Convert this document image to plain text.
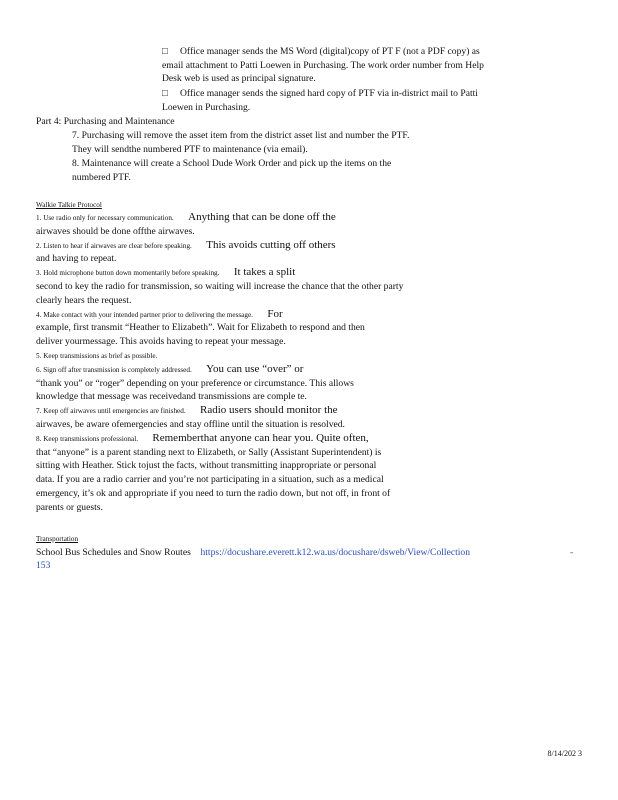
□ Office manager sends the MS Word (digital)copy of PT F (not a PDF copy) as
email attachment to Patti Loewen in Purchasing. The work order number from Help
Desk web is used as principal signature.
□ Office manager sends the signed hard copy of PTF via in-district mail to Patti
Loewen in Purchasing.
Part 4: Purchasing and Maintenance
7. Purchasing will remove the asset item from the district asset list and number the PTF.
They will sendthe numbered PTF to maintenance (via email).
8. Maintenance will create a School Dude Work Order and pick up the items on the
numbered PTF.
Walkie Talkie Protocol
1. Use radio only for necessary communication. Anything that can be done off the
airwaves should be done offthe airwaves.
2. Listen to hear if airwaves are clear before speaking. This avoids cutting off others
and having to repeat.
3. Hold microphone button down momentarily before speaking. It takes a split
second to key the radio for transmission, so waiting will increase the chance that the other party
clearly hears the request.
4. Make contact with your intended partner prior to delivering the message. For
example, first transmit “Heather to Elizabeth”. Wait for Elizabeth to respond and then
deliver yourmessage. This avoids having to repeat your message.
5. Keep transmissions as brief as possible.
6. Sign off after transmission is completely addressed. You can use “over” or
“thank you” or “roger” depending on your preference or circumstance. This allows
knowledge that message was receivedand transmissions are comple te.
7. Keep off airwaves until emergencies are finished. Radio users should monitor the
airwaves, be aware ofemergencies and stay offline until the situation is resolved.
8. Keep transmissions professional. Rememberthat anyone can hear you. Quite often,
that “anyone” is a parent standing next to Elizabeth, or Sally (Assistant Superintendent) is
sitting with Heather. Stick tojust the facts, without transmitting inappropriate or personal
data. If you are a radio carrier and you’re not participating in a situation, such as a medical
emergency, it’s ok and appropriate if you need to turn the radio down, but not off, in front of
parents or guests.
Transportation
School Bus Schedules and Snow Routes https://docushare.everett.k12.wa.us/docushare/dsweb/View/Collection	-
153
8/14/202 3
